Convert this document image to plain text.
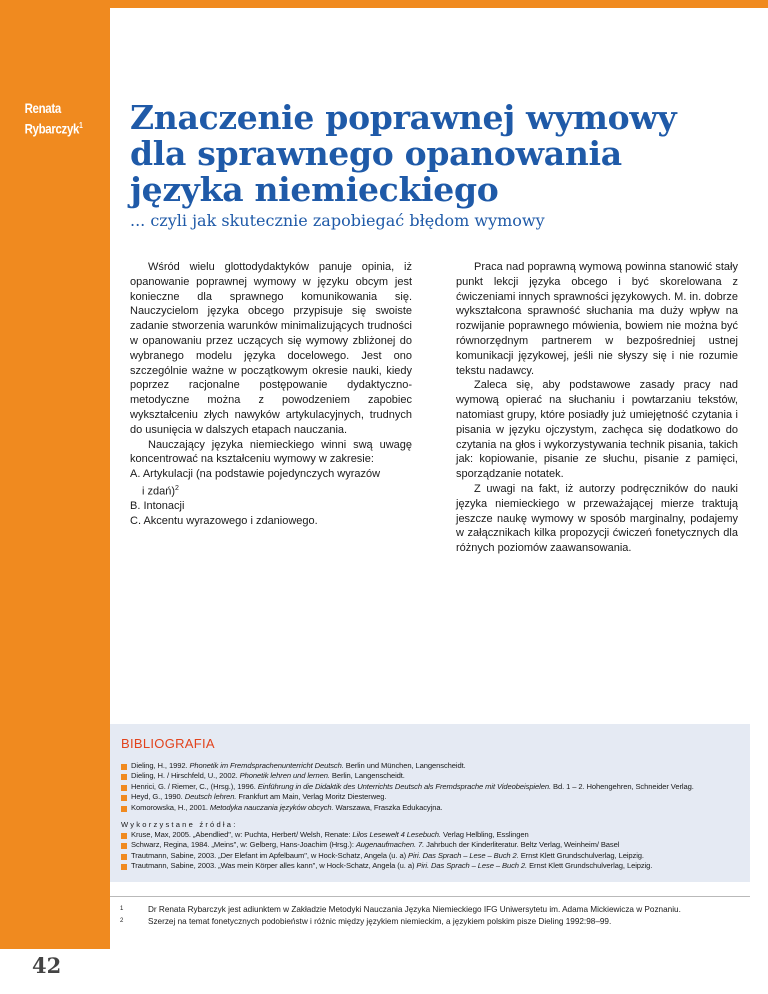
Renata
Rybarczyk$^1$ Znaczenie poprawnej wymowy
dla sprawnego opanowania
języka niemieckiego
... czyli jak skutecznie zapobiegać błędom wymowy

Wśród wielu glottodydaktyków panuje opinia, iż opanowanie poprawnej wymowy w języku obcym jest konieczne dla sprawnego komunikowania się. Nauczycielom języka obcego przypisuje się swoiste zadanie stworzenia warunków minimalizujących trudności w opanowaniu przez uczących się wymowy zbliżonej do wybranego modelu języka docelowego. Jest ono szczególnie ważne w początkowym okresie nauki, kiedy poprzez racjonalne postępowanie dydaktyczno-metodyczne można z powodzeniem zapobiec wykształceniu złych nawyków artykulacyjnych, trudnych do usunięcia w dalszych etapach nauczania.

Nauczający języka niemieckiego winni swą uwagę koncentrować na kształceniu wymowy w zakresie:

A. Artykulacji (na podstawie pojedynczych wyrazów

i zdań)$^2$

B. Intonacji

C. Akcentu wyrazowego i zdaniowego.

Praca nad poprawną wymową powinna stanowić stały punkt lekcji języka obcego i być skorelowana z ćwiczeniami innych sprawności językowych. M. in. dobrze wykształcona sprawność słuchania ma duży wpływ na rozwijanie poprawnego mówienia, bowiem nie można być równorzędnym partnerem w bezpośredniej ustnej komunikacji językowej, jeśli nie słyszy się i nie rozumie tekstu nadawcy.

Zaleca się, aby podstawowe zasady pracy nad wymową opierać na słuchaniu i powtarzaniu tekstów, natomiast grupy, które posiadły już umiejętność czytania i pisania w języku ojczystym, zachęca się dodatkowo do czytania na głos i wykorzystywania technik pisania, takich jak: kopiowanie, pisanie ze słuchu, pisanie z pamięci, sporządzanie notatek.

Z uwagi na fakt, iż autorzy podręczników do nauki języka niemieckiego w przeważającej mierze traktują jeszcze naukę wymowy w sposób marginalny, podajemy w załącznikach kilka propozycji ćwiczeń fonetycznych dla różnych poziomów zaawansowania.

BIBLIOGRAFIA
Dieling, H., 1992. Phonetik im Fremdsprachenunterricht Deutsch. Berlin und München, Langenscheidt.
Dieling, H. / Hirschfeld, U., 2002. Phonetik lehren und lernen. Berlin, Langenscheidt.
Henrici, G. / Riemer, C., (Hrsg.), 1996. Einführung in die Didaktik des Unterrichts Deutsch als Fremdsprache mit Videobeispielen. Bd. 1 – 2. Hohengehren, Schneider Verlag.
Heyd, G., 1990. Deutsch lehren. Frankfurt am Main, Verlag Moritz Diesterweg.
Komorowska, H., 2001. Metodyka nauczania języków obcych. Warszawa, Fraszka Edukacyjna.
Wykorzystane źródła:
Kruse, Max, 2005. „Abendlied", w: Puchta, Herbert/ Welsh, Renate: Lilos Lesewelt 4 Lesebuch. Verlag Helbling, Esslingen
Schwarz, Regina, 1984. „Meins", w: Gelberg, Hans-Joachim (Hrsg.): Augenaufmachen. 7. Jahrbuch der Kinderliteratur. Beltz Verlag, Weinheim/ Basel
Trautmann, Sabine, 2003. „Der Elefant im Apfelbaum", w Hock-Schatz, Angela (u. a) Piri. Das Sprach – Lese – Buch 2. Ernst Klett Grundschulverlag, Leipzig.
Trautmann, Sabine, 2003. „Was mein Körper alles kann", w Hock-Schatz, Angela (u. a) Piri. Das Sprach – Lese – Buch 2. Ernst Klett Grundschulverlag, Leipzig.
1	Dr Renata Rybarczyk jest adiunktem w Zakładzie Metodyki Nauczania Języka Niemieckiego IFG Uniwersytetu im. Adama Mickiewicza w Poznaniu.
2	Szerzej na temat fonetycznych podobieństw i różnic między językiem niemieckim, a językiem polskim pisze Dieling 1992:98–99.
42
